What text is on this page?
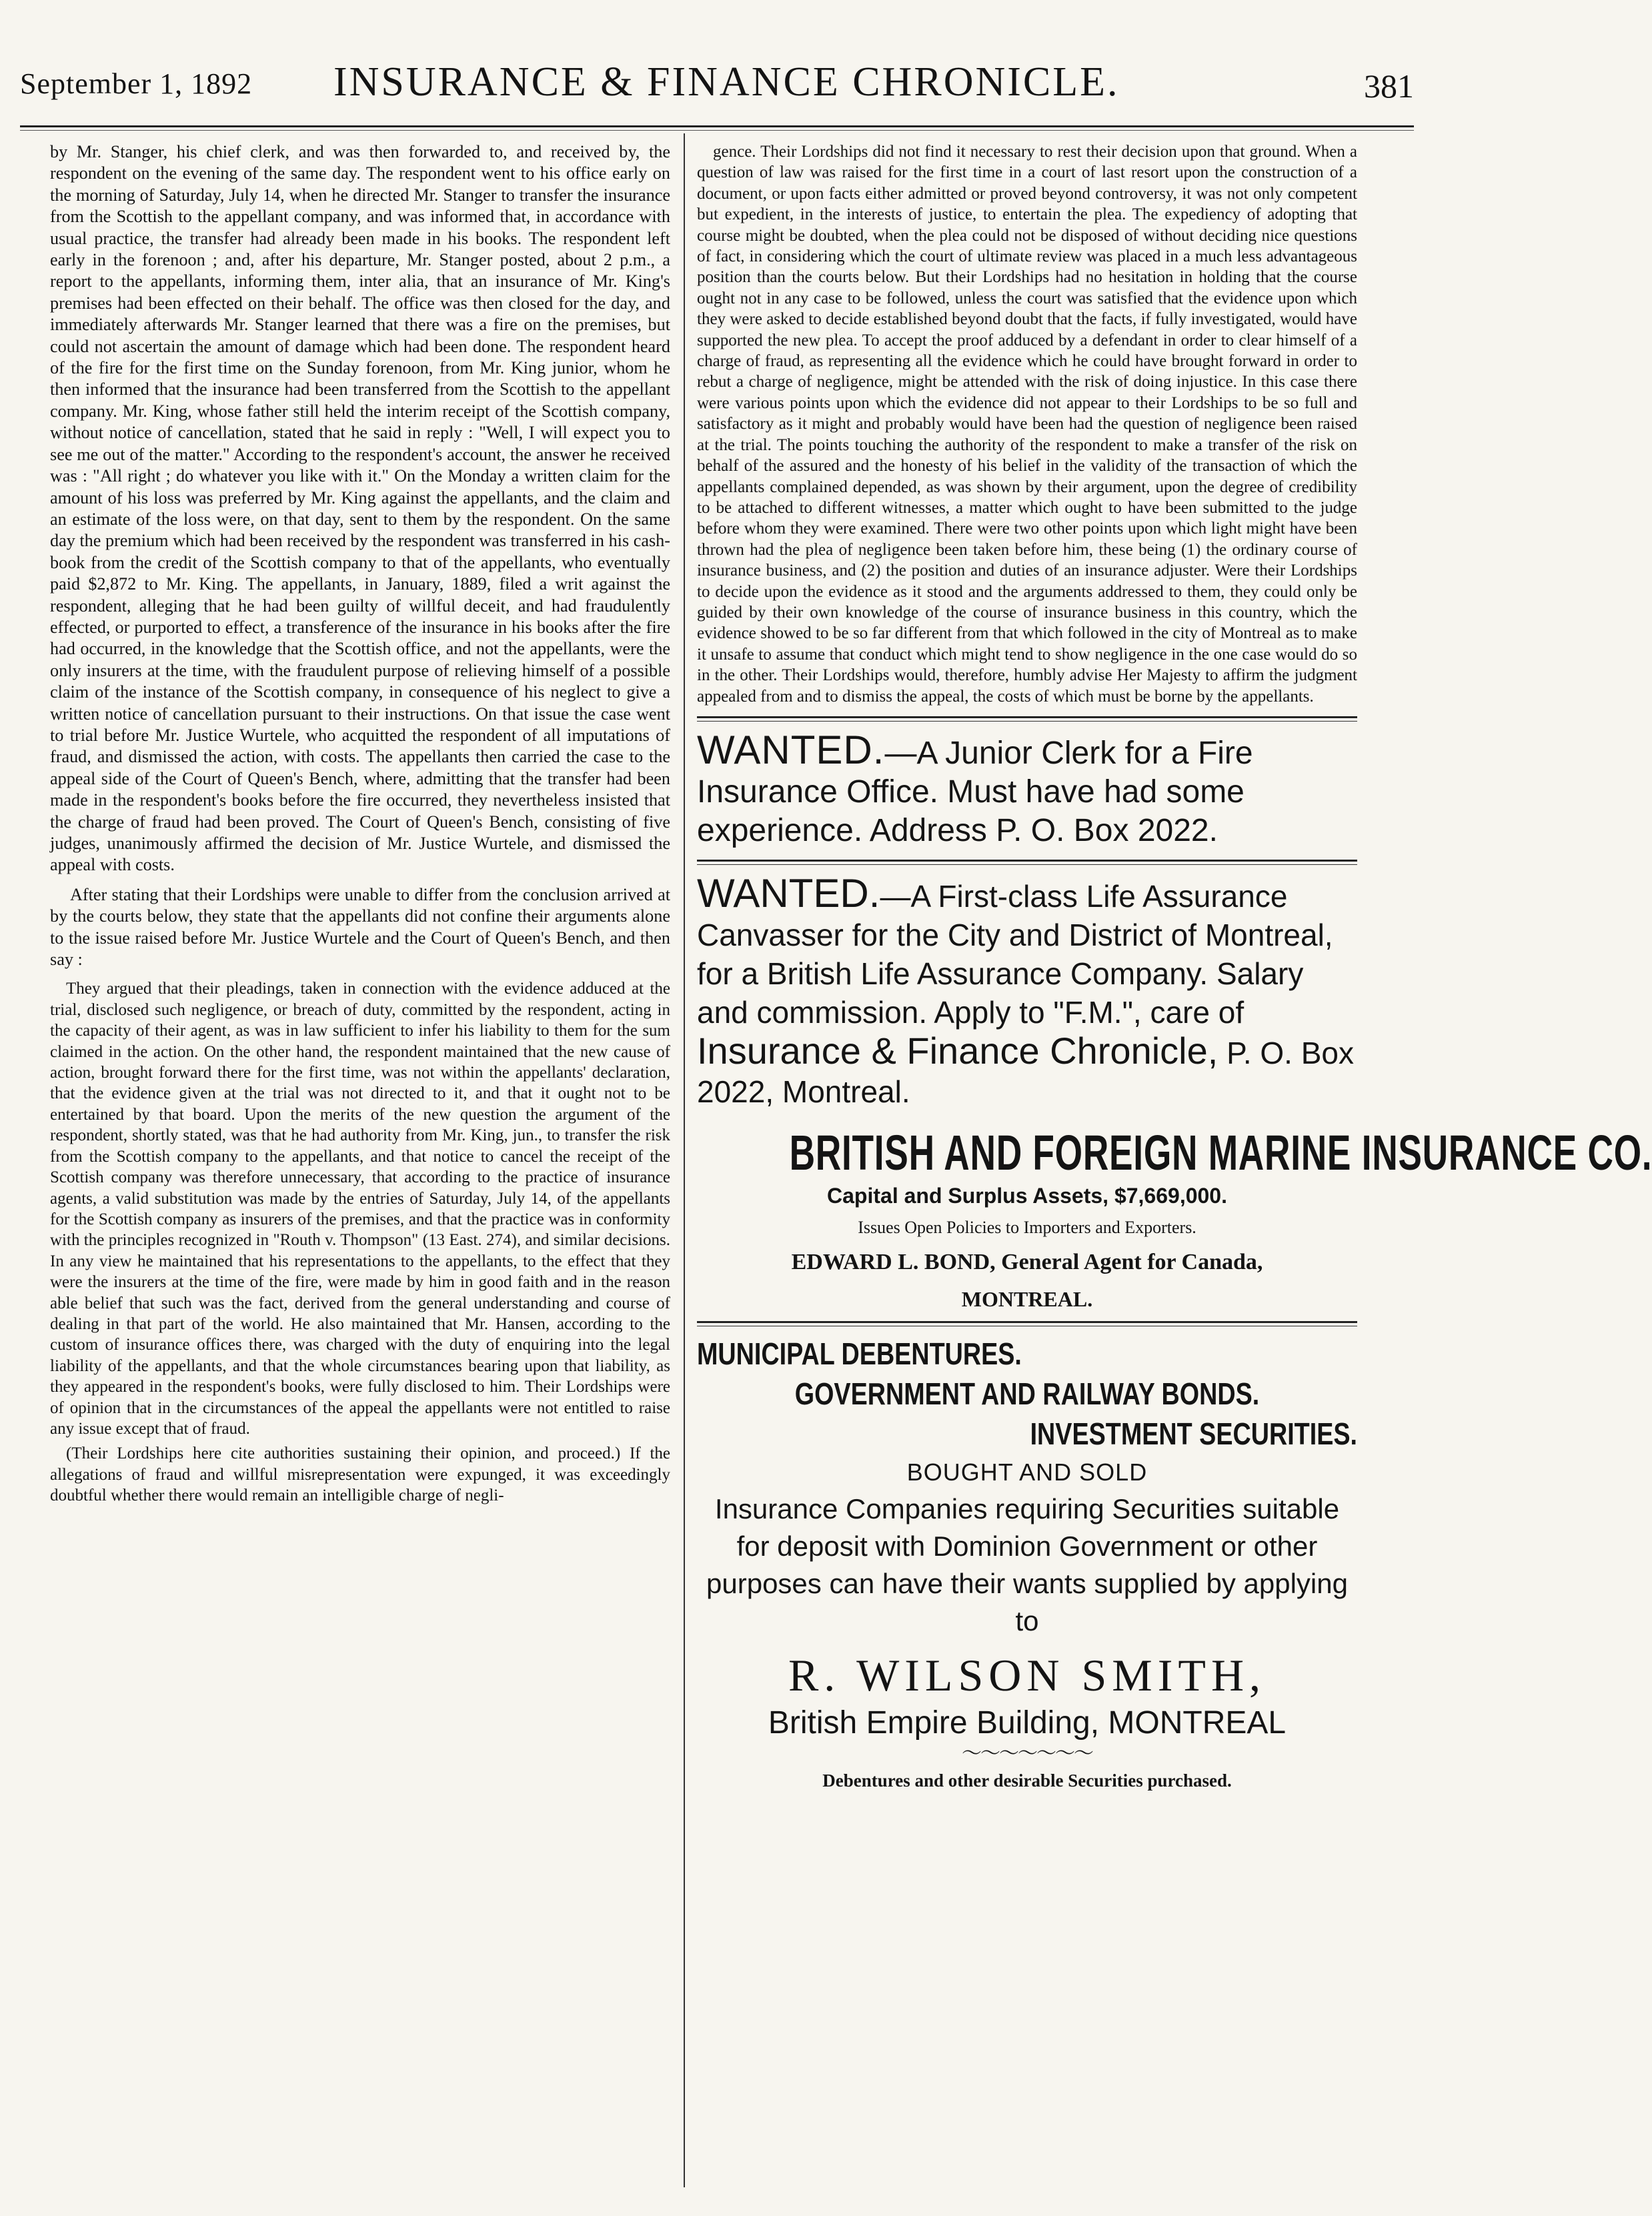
September 1, 1892 INSURANCE & FINANCE CHRONICLE.	381

by Mr. Stanger, his chief clerk, and was then forwarded to, and received by, the respondent on the evening of the same day. The respondent went to his office early on the morning of Saturday, July 14, when he directed Mr. Stanger to transfer the insurance from the Scottish to the appellant company, and was informed that, in accordance with usual practice, the transfer had already been made in his books. The respondent left early in the forenoon ; and, after his departure, Mr. Stanger posted, about 2 p.m., a report to the appellants, informing them, inter alia, that an insurance of Mr. King's premises had been effected on their behalf. The office was then closed for the day, and immediately afterwards Mr. Stanger learned that there was a fire on the premises, but could not ascertain the amount of damage which had been done. The respondent heard of the fire for the first time on the Sunday forenoon, from Mr. King junior, whom he then informed that the insurance had been transferred from the Scottish to the appellant company. Mr. King, whose father still held the interim receipt of the Scottish company, without notice of cancellation, stated that he said in reply : "Well, I will expect you to see me out of the matter." According to the respondent's account, the answer he received was : "All right ; do whatever you like with it." On the Monday a written claim for the amount of his loss was preferred by Mr. King against the appellants, and the claim and an estimate of the loss were, on that day, sent to them by the respondent. On the same day the premium which had been received by the respondent was transferred in his cash-book from the credit of the Scottish company to that of the appellants, who eventually paid $2,872 to Mr. King. The appellants, in January, 1889, filed a writ against the respondent, alleging that he had been guilty of willful deceit, and had fraudulently effected, or purported to effect, a transference of the insurance in his books after the fire had occurred, in the knowledge that the Scottish office, and not the appellants, were the only insurers at the time, with the fraudulent purpose of relieving himself of a possible claim of the instance of the Scottish company, in consequence of his neglect to give a written notice of cancellation pursuant to their instructions. On that issue the case went to trial before Mr. Justice Wurtele, who acquitted the respondent of all imputations of fraud, and dismissed the action, with costs. The appellants then carried the case to the appeal side of the Court of Queen's Bench, where, admitting that the transfer had been made in the respondent's books before the fire occurred, they nevertheless insisted that the charge of fraud had been proved. The Court of Queen's Bench, consisting of five judges, unanimously affirmed the decision of Mr. Justice Wurtele, and dismissed the appeal with costs.

After stating that their Lordships were unable to differ from the conclusion arrived at by the courts below, they state that the appellants did not confine their arguments alone to the issue raised before Mr. Justice Wurtele and the Court of Queen's Bench, and then say :

They argued that their pleadings, taken in connection with the evidence adduced at the trial, disclosed such negligence, or breach of duty, committed by the respondent, acting in the capacity of their agent, as was in law sufficient to infer his liability to them for the sum claimed in the action. On the other hand, the respondent maintained that the new cause of action, brought forward there for the first time, was not within the appellants' declaration, that the evidence given at the trial was not directed to it, and that it ought not to be entertained by that board. Upon the merits of the new question the argument of the respondent, shortly stated, was that he had authority from Mr. King, jun., to transfer the risk from the Scottish company to the appellants, and that notice to cancel the receipt of the Scottish company was therefore unnecessary, that according to the practice of insurance agents, a valid substitution was made by the entries of Saturday, July 14, of the appellants for the Scottish company as insurers of the premises, and that the practice was in conformity with the principles recognized in "Routh v. Thompson" (13 East. 274), and similar decisions. In any view he maintained that his representations to the appellants, to the effect that they were the insurers at the time of the fire, were made by him in good faith and in the reason able belief that such was the fact, derived from the general understanding and course of dealing in that part of the world. He also maintained that Mr. Hansen, according to the custom of insurance offices there, was charged with the duty of enquiring into the legal liability of the appellants, and that the whole circumstances bearing upon that liability, as they appeared in the respondent's books, were fully disclosed to him. Their Lordships were of opinion that in the circumstances of the appeal the appellants were not entitled to raise any issue except that of fraud.

(Their Lordships here cite authorities sustaining their opinion, and proceed.) If the allegations of fraud and willful misrepresentation were expunged, it was exceedingly doubtful whether there would remain an intelligible charge of negli-

gence. Their Lordships did not find it necessary to rest their decision upon that ground. When a question of law was raised for the first time in a court of last resort upon the construction of a document, or upon facts either admitted or proved beyond controversy, it was not only competent but expedient, in the interests of justice, to entertain the plea. The expediency of adopting that course might be doubted, when the plea could not be disposed of without deciding nice questions of fact, in considering which the court of ultimate review was placed in a much less advantageous position than the courts below. But their Lordships had no hesitation in holding that the course ought not in any case to be followed, unless the court was satisfied that the evidence upon which they were asked to decide established beyond doubt that the facts, if fully investigated, would have supported the new plea. To accept the proof adduced by a defendant in order to clear himself of a charge of fraud, as representing all the evidence which he could have brought forward in order to rebut a charge of negligence, might be attended with the risk of doing injustice. In this case there were various points upon which the evidence did not appear to their Lordships to be so full and satisfactory as it might and probably would have been had the question of negligence been raised at the trial. The points touching the authority of the respondent to make a transfer of the risk on behalf of the assured and the honesty of his belief in the validity of the transaction of which the appellants complained depended, as was shown by their argument, upon the degree of credibility to be attached to different witnesses, a matter which ought to have been submitted to the judge before whom they were examined. There were two other points upon which light might have been thrown had the plea of negligence been taken before him, these being (1) the ordinary course of insurance business, and (2) the position and duties of an insurance adjuster. Were their Lordships to decide upon the evidence as it stood and the arguments addressed to them, they could only be guided by their own knowledge of the course of insurance business in this country, which the evidence showed to be so far different from that which followed in the city of Montreal as to make it unsafe to assume that conduct which might tend to show negligence in the one case would do so in the other. Their Lordships would, therefore, humbly advise Her Majesty to affirm the judgment appealed from and to dismiss the appeal, the costs of which must be borne by the appellants.

WANTED.—A Junior Clerk for a Fire Insurance Office. Must have had some experience. Address P. O. Box 2022.
WANTED.—A First-class Life Assurance Canvasser for the City and District of Montreal, for a British Life Assurance Company. Salary and commission. Apply to "F.M.", care of Insurance & Finance Chronicle, P. O. Box 2022, Montreal.
BRITISH AND FOREIGN MARINE INSURANCE CO.
Capital and Surplus Assets, $7,669,000.
Issues Open Policies to Importers and Exporters.
EDWARD L. BOND, General Agent for Canada,
MONTREAL.
MUNICIPAL DEBENTURES.
GOVERNMENT AND RAILWAY BONDS.
INVESTMENT SECURITIES.
BOUGHT AND SOLD
Insurance Companies requiring Securities suitable for deposit with Dominion Government or other purposes can have their wants supplied by applying to
R. WILSON SMITH,
British Empire Building, MONTREAL
〜〜〜〜〜〜〜
Debentures and other desirable Securities purchased.
